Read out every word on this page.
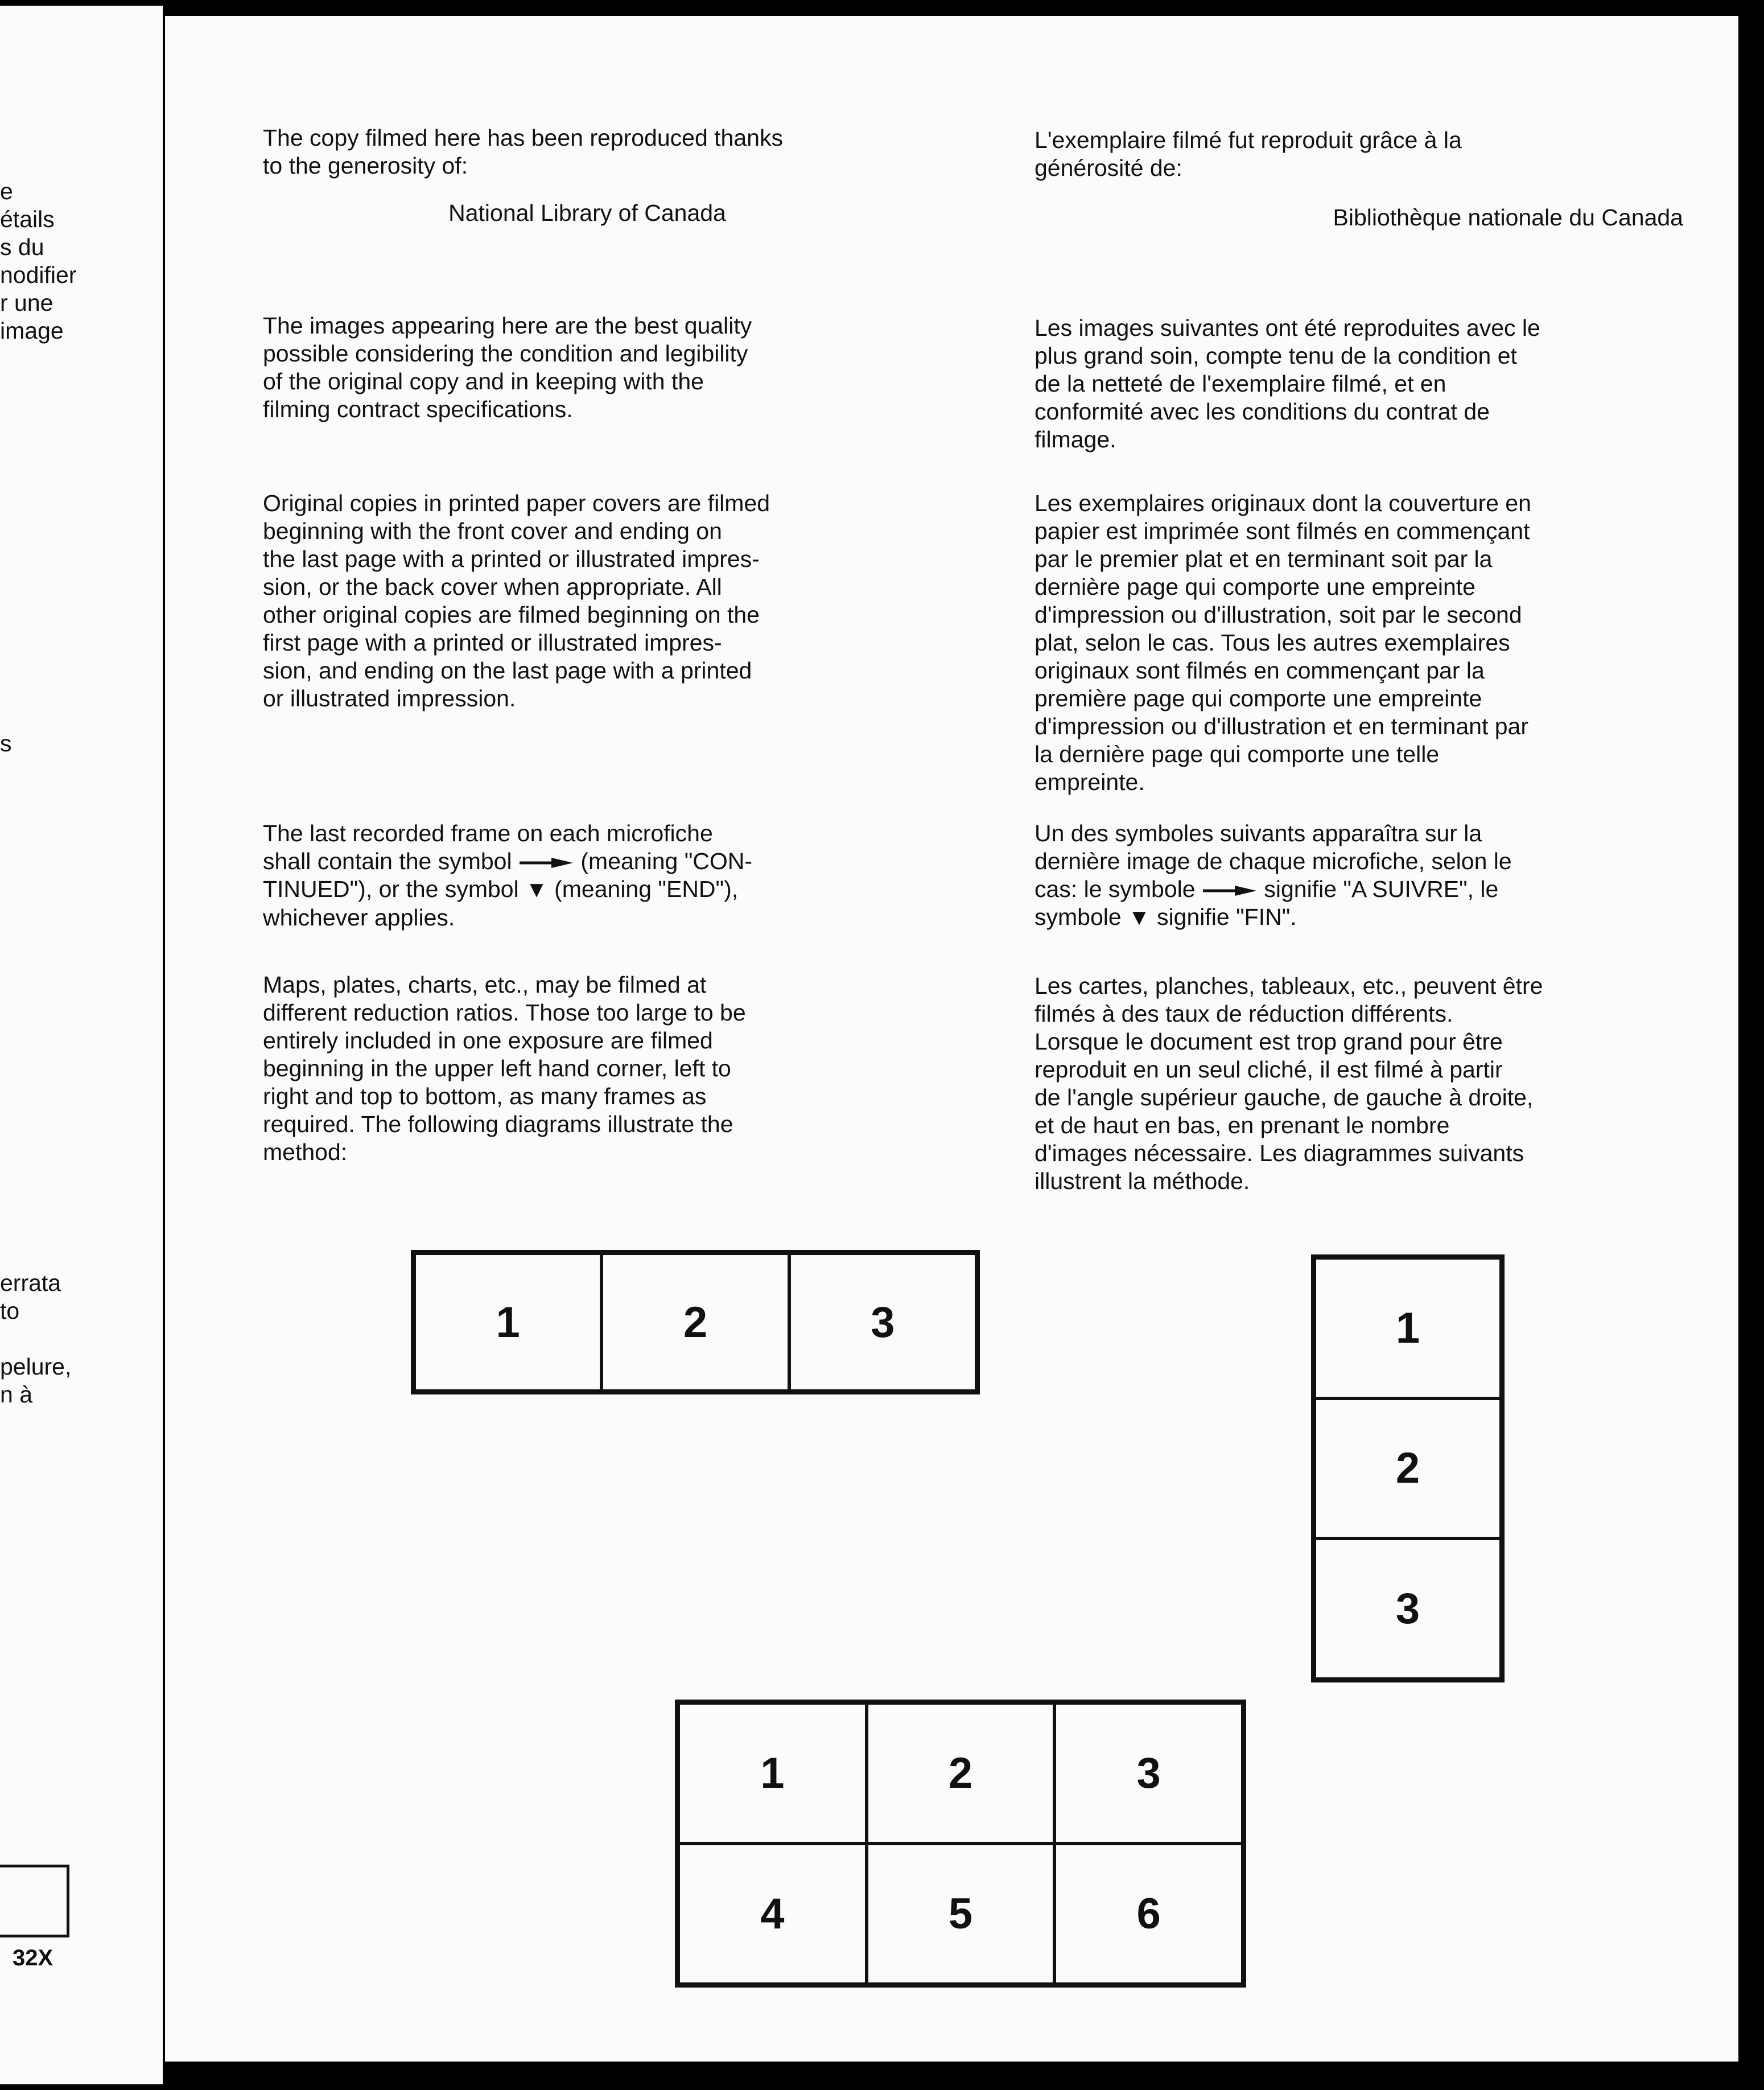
e
étails
s du
nodifier
r une
image
s
errata
to
pelure,
n à
32X

The copy filmed here has been reproduced thanks

to the generosity of:

National Library of Canada

The images appearing here are the best quality

possible considering the condition and legibility

of the original copy and in keeping with the

filming contract specifications.

Original copies in printed paper covers are filmed

beginning with the front cover and ending on

the last page with a printed or illustrated impres-

sion, or the back cover when appropriate. All

other original copies are filmed beginning on the

first page with a printed or illustrated impres-

sion, and ending on the last page with a printed

or illustrated impression.

The last recorded frame on each microfiche

shall contain the symbol	(meaning "CON-

TINUED"), or the symbol ▼ (meaning "END"),

whichever applies.

Maps, plates, charts, etc., may be filmed at

different reduction ratios. Those too large to be

entirely included in one exposure are filmed

beginning in the upper left hand corner, left to

right and top to bottom, as many frames as

required. The following diagrams illustrate the

method:

L'exemplaire filmé fut reproduit grâce à la

générosité de:

Bibliothèque nationale du Canada

Les images suivantes ont été reproduites avec le

plus grand soin, compte tenu de la condition et

de la netteté de l'exemplaire filmé, et en

conformité avec les conditions du contrat de

filmage.

Les exemplaires originaux dont la couverture en

papier est imprimée sont filmés en commençant

par le premier plat et en terminant soit par la

dernière page qui comporte une empreinte

d'impression ou d'illustration, soit par le second

plat, selon le cas. Tous les autres exemplaires

originaux sont filmés en commençant par la

première page qui comporte une empreinte

d'impression ou d'illustration et en terminant par

la dernière page qui comporte une telle

empreinte.

Un des symboles suivants apparaîtra sur la

dernière image de chaque microfiche, selon le

cas: le symbole	signifie "A SUIVRE", le

symbole ▼ signifie "FIN".

Les cartes, planches, tableaux, etc., peuvent être

filmés à des taux de réduction différents.

Lorsque le document est trop grand pour être

reproduit en un seul cliché, il est filmé à partir

de l'angle supérieur gauche, de gauche à droite,

et de haut en bas, en prenant le nombre

d'images nécessaire. Les diagrammes suivants

illustrent la méthode.

1	2	3	1
2
3
1	2	3
4	5	6
